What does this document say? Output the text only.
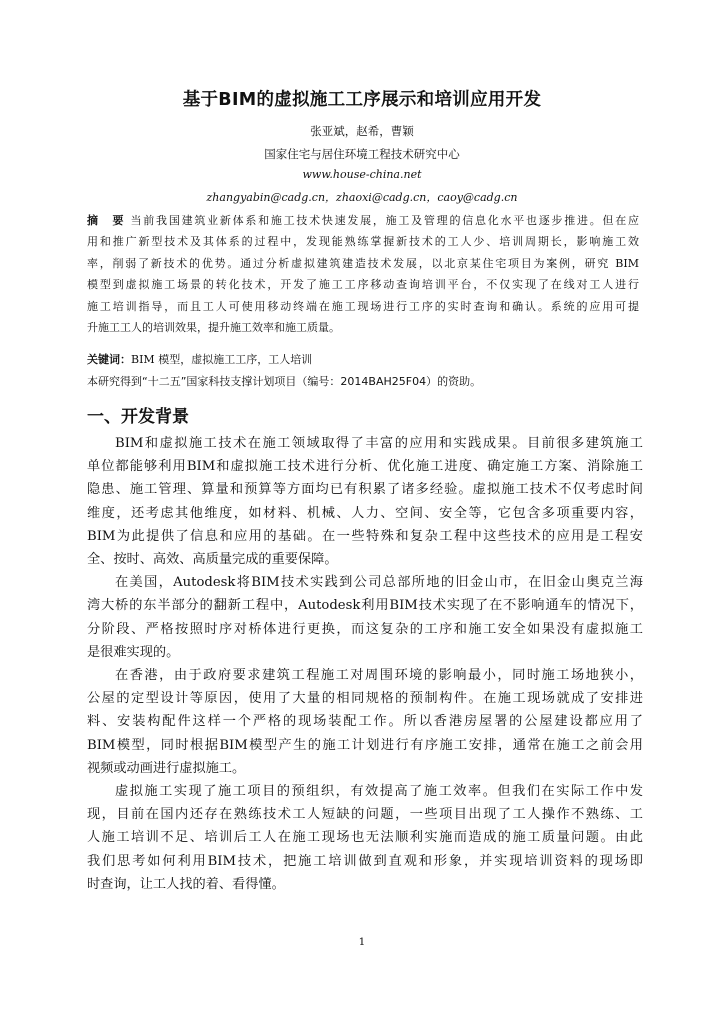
基于BIM的虚拟施工工序展示和培训应用开发
张亚斌，赵希，曹颖
国家住宅与居住环境工程技术研究中心
www.house-china.net
zhangyabin@cadg.cn，zhaoxi@cadg.cn，caoy@cadg.cn
摘　要 当前我国建筑业新体系和施工技术快速发展，施工及管理的信息化水平也逐步推进。但在应
用和推广新型技术及其体系的过程中，发现能熟练掌握新技术的工人少、培训周期长，影响施工效
率，削弱了新技术的优势。通过分析虚拟建筑建造技术发展，以北京某住宅项目为案例，研究 BIM
模型到虚拟施工场景的转化技术，开发了施工工序移动查询培训平台，不仅实现了在线对工人进行
施工培训指导，而且工人可使用移动终端在施工现场进行工序的实时查询和确认。系统的应用可提
升施工工人的培训效果，提升施工效率和施工质量。
关键词：BIM 模型，虚拟施工工序，工人培训
本研究得到“十二五”国家科技支撑计划项目（编号：2014BAH25F04）的资助。
一、开发背景
BIM和虚拟施工技术在施工领域取得了丰富的应用和实践成果。目前很多建筑施工
单位都能够利用BIM和虚拟施工技术进行分析、优化施工进度、确定施工方案、消除施工
隐患、施工管理、算量和预算等方面均已有积累了诸多经验。虚拟施工技术不仅考虑时间
维度，还考虑其他维度，如材料、机械、人力、空间、安全等，它包含多项重要内容，
BIM为此提供了信息和应用的基础。在一些特殊和复杂工程中这些技术的应用是工程安
全、按时、高效、高质量完成的重要保障。
在美国，Autodesk将BIM技术实践到公司总部所地的旧金山市，在旧金山奥克兰海
湾大桥的东半部分的翻新工程中，Autodesk利用BIM技术实现了在不影响通车的情况下，
分阶段、严格按照时序对桥体进行更换，而这复杂的工序和施工安全如果没有虚拟施工
是很难实现的。
在香港，由于政府要求建筑工程施工对周围环境的影响最小，同时施工场地狭小，
公屋的定型设计等原因，使用了大量的相同规格的预制构件。在施工现场就成了安排进
料、安装构配件这样一个严格的现场装配工作。所以香港房屋署的公屋建设都应用了
BIM模型，同时根据BIM模型产生的施工计划进行有序施工安排，通常在施工之前会用
视频或动画进行虚拟施工。
虚拟施工实现了施工项目的预组织，有效提高了施工效率。但我们在实际工作中发
现，目前在国内还存在熟练技术工人短缺的问题，一些项目出现了工人操作不熟练、工
人施工培训不足、培训后工人在施工现场也无法顺利实施而造成的施工质量问题。由此
我们思考如何利用BIM技术，把施工培训做到直观和形象，并实现培训资料的现场即
时查询，让工人找的着、看得懂。
1
